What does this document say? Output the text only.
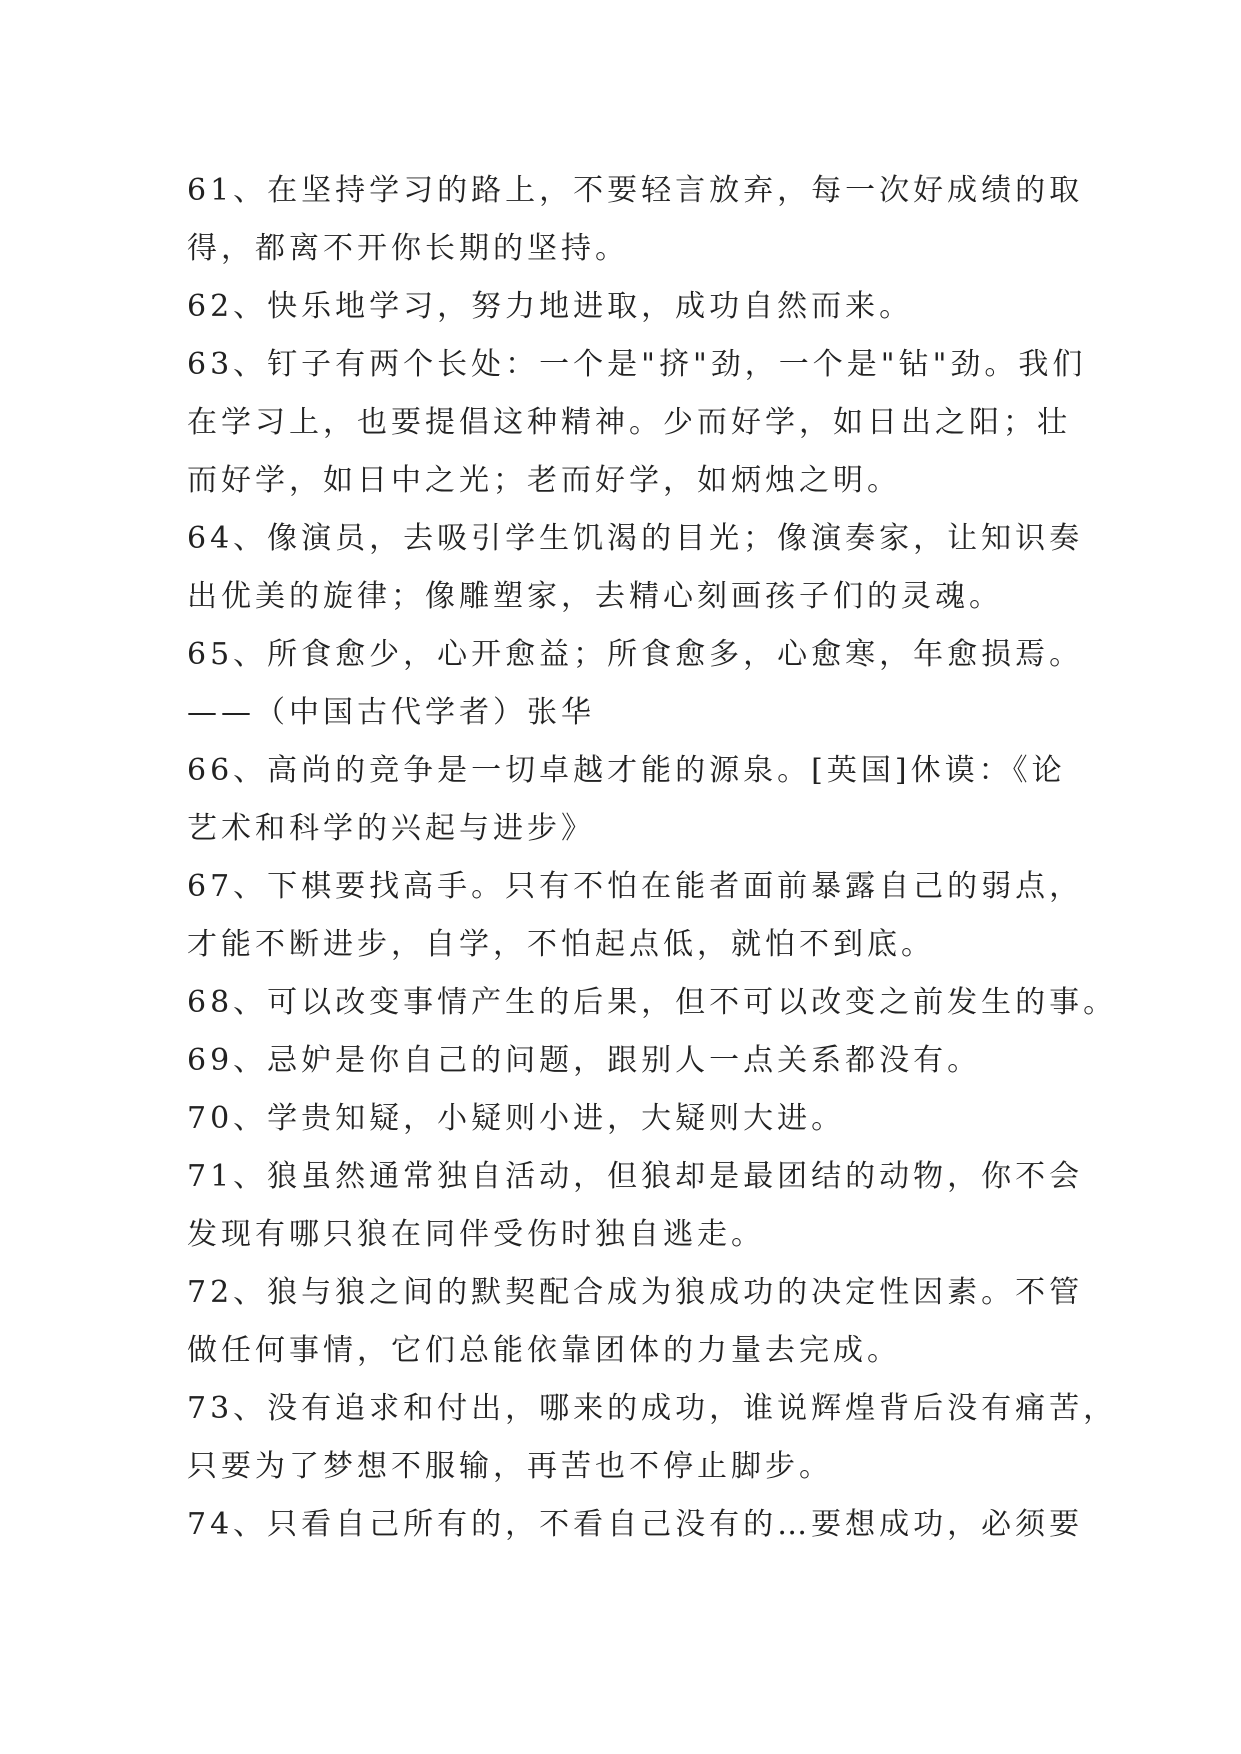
61、在坚持学习的路上，不要轻言放弃，每一次好成绩的取
得，都离不开你长期的坚持。
62、快乐地学习，努力地进取，成功自然而来。
63、钉子有两个长处：一个是"挤"劲，一个是"钻"劲。我们
在学习上，也要提倡这种精神。少而好学，如日出之阳；壮
而好学，如日中之光；老而好学，如炳烛之明。
64、像演员，去吸引学生饥渴的目光；像演奏家，让知识奏
出优美的旋律；像雕塑家，去精心刻画孩子们的灵魂。
65、所食愈少，心开愈益；所食愈多，心愈寒，年愈损焉。
——（中国古代学者）张华
66、高尚的竞争是一切卓越才能的源泉。[英国]休谟：《论
艺术和科学的兴起与进步》
67、下棋要找高手。只有不怕在能者面前暴露自己的弱点，
才能不断进步，自学，不怕起点低，就怕不到底。
68、可以改变事情产生的后果，但不可以改变之前发生的事。
69、忌妒是你自己的问题，跟别人一点关系都没有。
70、学贵知疑，小疑则小进，大疑则大进。
71、狼虽然通常独自活动，但狼却是最团结的动物，你不会
发现有哪只狼在同伴受伤时独自逃走。
72、狼与狼之间的默契配合成为狼成功的决定性因素。不管
做任何事情，它们总能依靠团体的力量去完成。
73、没有追求和付出，哪来的成功，谁说辉煌背后没有痛苦，
只要为了梦想不服输，再苦也不停止脚步。
74、只看自己所有的，不看自己没有的…要想成功，必须要
